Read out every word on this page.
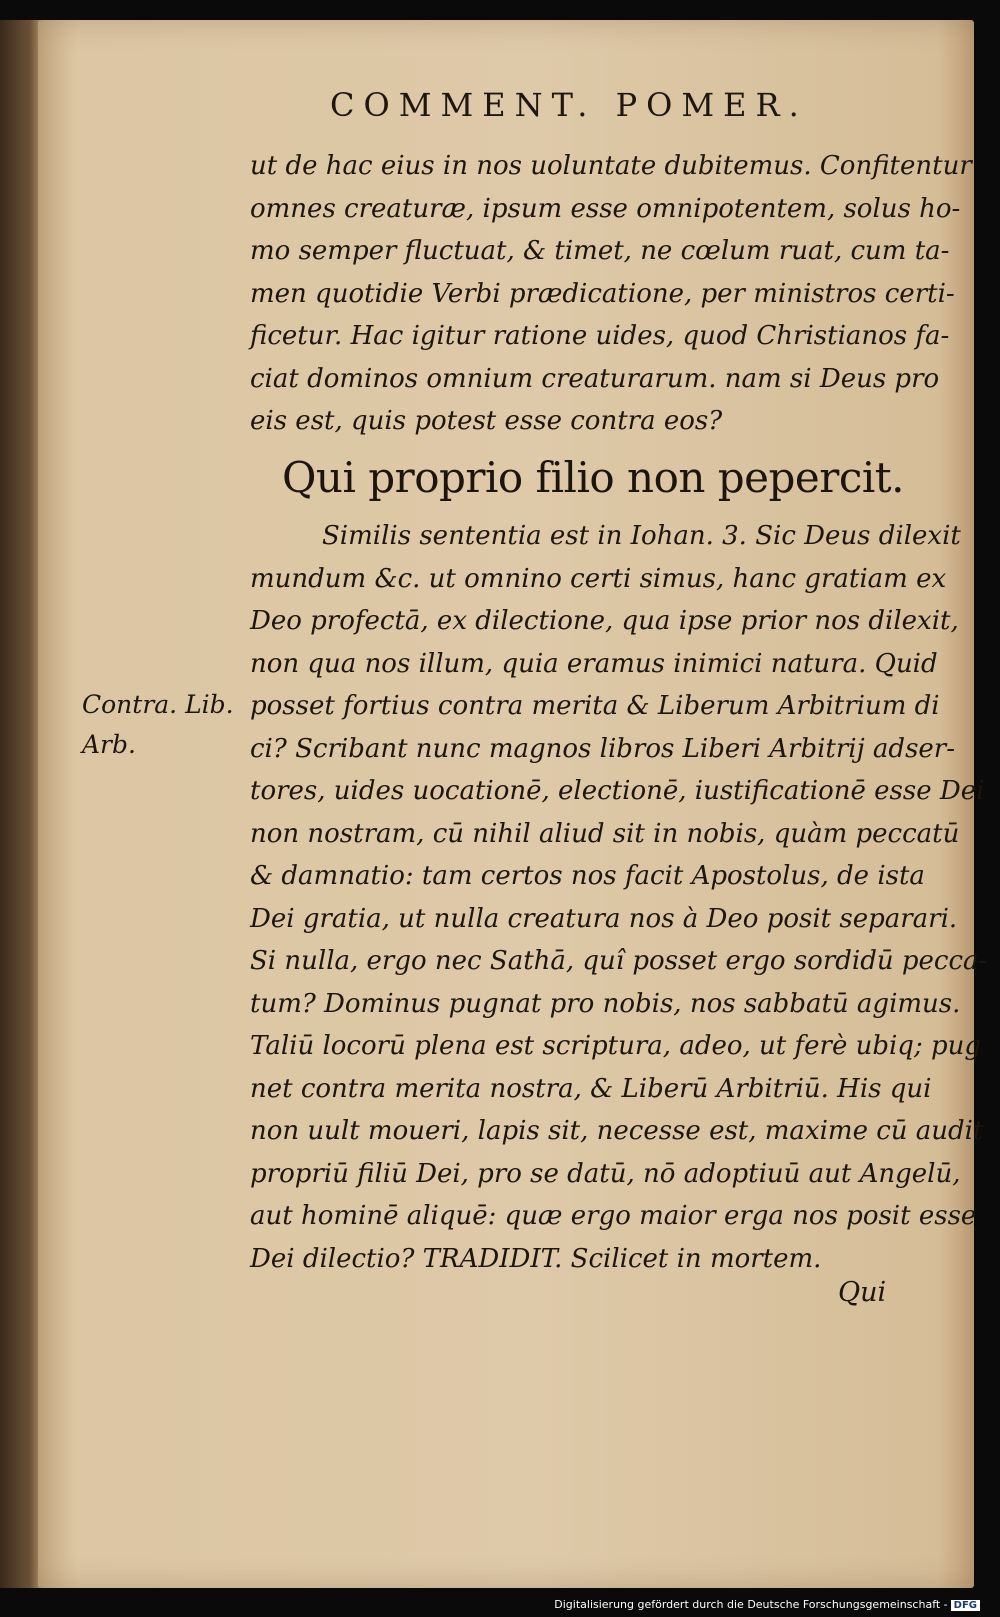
COMMENT. POMER.
ut de hac eius in nos uoluntate dubitemus. Confitentur
omnes creaturæ, ipsum esse omnipotentem, solus ho-
mo semper fluctuat, & timet, ne cœlum ruat, cum ta-
men quotidie Verbi prædicatione, per ministros certi-
ficetur. Hac igitur ratione uides, quod Christianos fa-
ciat dominos omnium creaturarum. nam si Deus pro
eis est, quis potest esse contra eos?
Qui proprio filio non pepercit.
Similis sententia est in Iohan. 3. Sic Deus dilexit
mundum &c. ut omnino certi simus, hanc gratiam ex
Deo profectā, ex dilectione, qua ipse prior nos dilexit,
non qua nos illum, quia eramus inimici natura. Quid
posset fortius contra merita & Liberum Arbitrium di
ci? Scribant nunc magnos libros Liberi Arbitrij adser-
tores, uides uocationē, electionē, iustificationē esse Dei
non nostram, cū nihil aliud sit in nobis, quàm peccatū
& damnatio: tam certos nos facit Apostolus, de ista
Dei gratia, ut nulla creatura nos à Deo posit separari.
Si nulla, ergo nec Sathā, quî posset ergo sordidū pecca-
tum? Dominus pugnat pro nobis, nos sabbatū agimus.
Taliū locorū plena est scriptura, adeo, ut ferè ubiq; pug
net contra merita nostra, & Liberū Arbitriū. His qui
non uult moueri, lapis sit, necesse est, maxime cū audit
propriū filiū Dei, pro se datū, nō adoptiuū aut Angelū,
aut hominē aliquē: quæ ergo maior erga nos posit esse
Dei dilectio? TRADIDIT. Scilicet in mortem.
Contra. Lib.
Arb.
Qui
Digitalisierung gefördert durch die Deutsche Forschungsgemeinschaft - DFG
